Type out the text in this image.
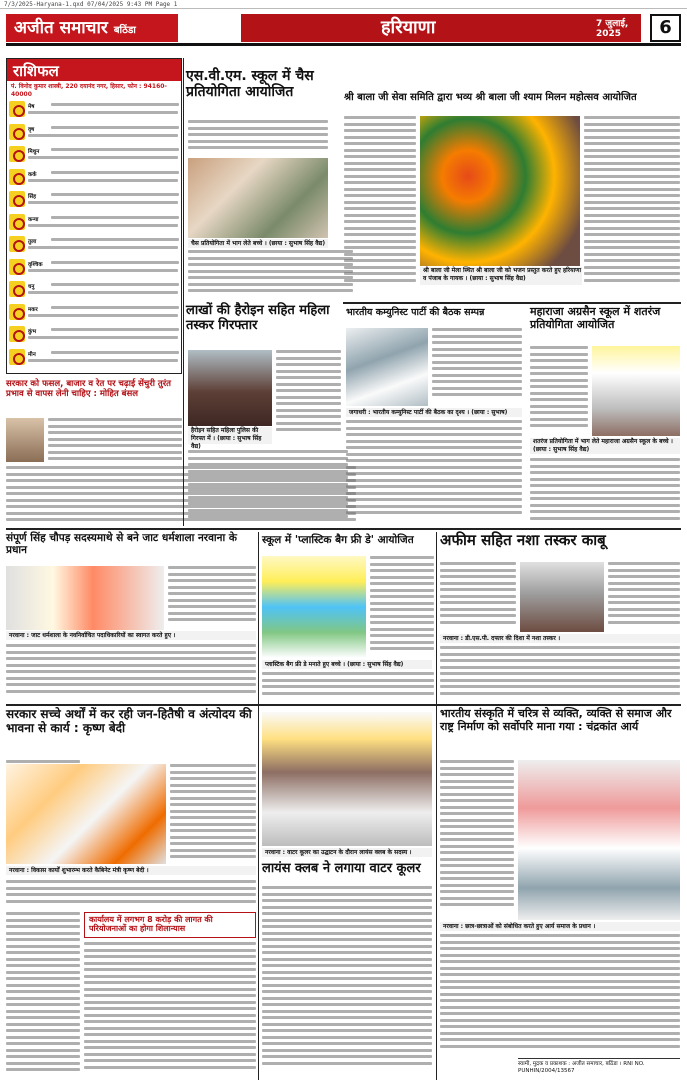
7/3/2025-Haryana-1.qxd 07/04/2025 9:43 PM Page 1
अजीत समाचार बठिंडा	हरियाणा	7 जुलाई, 2025	6
राशिफल
पं. विनोद कुमार शास्त्री, 220 दयानंद नगर, हिसार, फोन : 94160-40000
मेष
वृष
मिथुन
कर्क
सिंह
कन्या
तुला
वृश्चिक
धनु
मकर
कुंभ
मीन
सरकार को फसल, बाजार व रेत पर चढ़ाई सेंचुरी तुरंत प्रभाव से वापस लेनी चाहिए : मोहित बंसल
एस.वी.एम. स्कूल में चैस प्रतियोगिता आयोजित
चैस प्रतियोगिता में भाग लेते बच्चे । (छाया : सुभाष सिंह वैद्य)
श्री बाला जी सेवा समिति द्वारा भव्य श्री बाला जी श्याम मिलन महोत्सव आयोजित
श्री बाला जी मेला स्थित श्री बाला जी को भजन प्रस्तुत करते हुए हरियाणा व पंजाब के गायक । (छाया : सुभाष सिंह वैद्य)
लाखों की हैरोइन सहित महिला तस्कर गिरफ्तार
हैरोइन सहित महिला पुलिस की गिरफ्त में । (छाया : सुभाष सिंह वैद्य)
भारतीय कम्युनिस्ट पार्टी की बैठक सम्पन्न
जगाधरी : भारतीय कम्युनिस्ट पार्टी की बैठक का दृश्य । (छाया : सुभाष)
महाराजा अग्रसैन स्कूल में शतरंज प्रतियोगिता आयोजित
शतरंज प्रतियोगिता में भाग लेते महाराजा अग्रसैन स्कूल के बच्चे । (छाया : सुभाष सिंह वैद्य)
संपूर्ण सिंह चौपड़ सदस्यमाथे से बने जाट धर्मशाला नरवाना के प्रधान
नरवाना : जाट धर्मशाला के नवनिर्वाचित पदाधिकारियों का स्वागत करते हुए ।
स्कूल में 'प्लास्टिक बैग फ्री डे' आयोजित
प्लास्टिक बैग फ्री डे मनाते हुए बच्चे । (छाया : सुभाष सिंह वैद्य)
अफीम सहित नशा तस्कर काबू
नरवाना : डी.एस.पी. दफ्तर की दिशा में नशा तस्कर ।
सरकार सच्चे अर्थों में कर रही जन-हितैषी व अंत्योदय की भावना से कार्य : कृष्ण बेदी
नरवाना : विकास कार्यों शुभारम्भ करते कैबिनेट मंत्री कृष्ण बेदी ।
कार्यालय में लगभग 8 करोड़ की लागत की परियोजनाओं का होगा शिलान्यास
नरवाना : वाटर कूलर का उद्घाटन के दौरान लायंस क्लब के सदस्य ।
लायंस क्लब ने लगाया वाटर कूलर
भारतीय संस्कृति में चरित्र से व्यक्ति, व्यक्ति से समाज और राष्ट्र निर्माण को सर्वोपरि माना गया : चंद्रकांत आर्य
नरवाना : छात्र-छात्राओं को संबोधित करते हुए आर्य समाज के प्रधान ।
स्वामी, मुद्रक व प्रकाशक : अजीत समाचार, बठिंडा । RNI NO. PUNHIN/2004/13567
